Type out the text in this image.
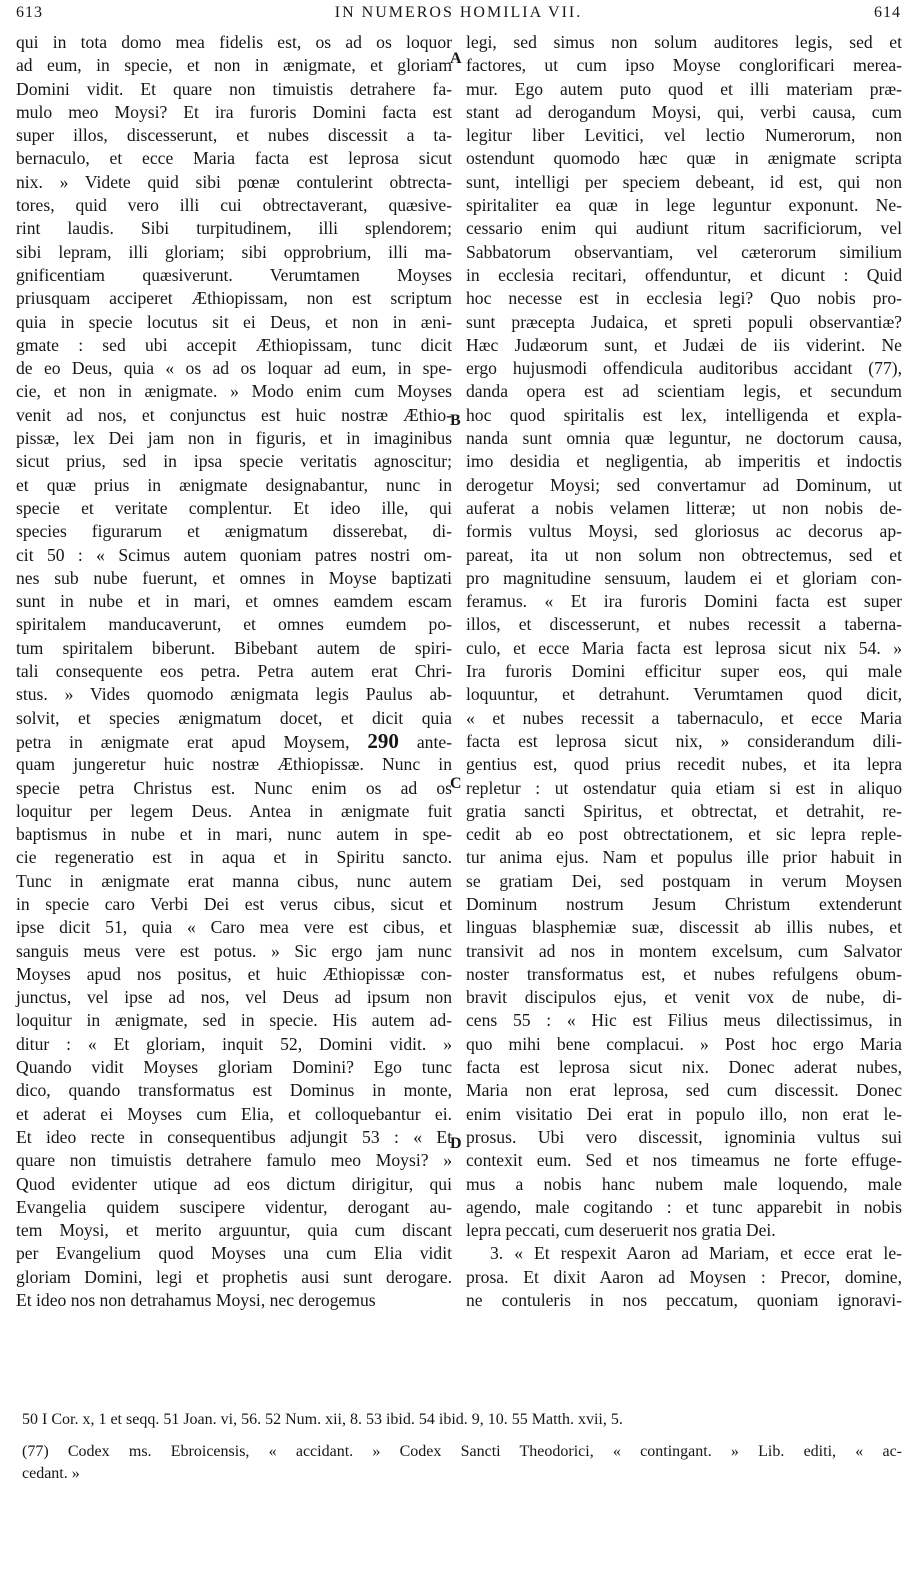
613	IN NUMEROS HOMILIA VII.	614
qui in tota domo mea fidelis est, os ad os loquor
ad eum, in specie, et non in ænigmate, et gloriam
Domini vidit. Et quare non timuistis detrahere fa-
mulo meo Moysi? Et ira furoris Domini facta est
super illos, discesserunt, et nubes discessit a ta-
bernaculo, et ecce Maria facta est leprosa sicut
nix. » Videte quid sibi pœnæ contulerint obtrecta-
tores, quid vero illi cui obtrectaverant, quæsive-
rint laudis. Sibi turpitudinem, illi splendorem;
sibi lepram, illi gloriam; sibi opprobrium, illi ma-
gnificentiam quæsiverunt. Verumtamen Moyses
priusquam acciperet Æthiopissam, non est scriptum
quia in specie locutus sit ei Deus, et non in æni-
gmate : sed ubi accepit Æthiopissam, tunc dicit
de eo Deus, quia « os ad os loquar ad eum, in spe-
cie, et non in ænigmate. » Modo enim cum Moyses
venit ad nos, et conjunctus est huic nostræ Æthio-
pissæ, lex Dei jam non in figuris, et in imaginibus
sicut prius, sed in ipsa specie veritatis agnoscitur;
et quæ prius in ænigmate designabantur, nunc in
specie et veritate complentur. Et ideo ille, qui
species figurarum et ænigmatum disserebat, di-
cit 50 : « Scimus autem quoniam patres nostri om-
nes sub nube fuerunt, et omnes in Moyse baptizati
sunt in nube et in mari, et omnes eamdem escam
spiritalem manducaverunt, et omnes eumdem po-
tum spiritalem biberunt. Bibebant autem de spiri-
tali consequente eos petra. Petra autem erat Chri-
stus. » Vides quomodo ænigmata legis Paulus ab-
solvit, et species ænigmatum docet, et dicit quia
petra in ænigmate erat apud Moysem, 290 ante-
quam jungeretur huic nostræ Æthiopissæ. Nunc in
specie petra Christus est. Nunc enim os ad os
loquitur per legem Deus. Antea in ænigmate fuit
baptismus in nube et in mari, nunc autem in spe-
cie regeneratio est in aqua et in Spiritu sancto.
Tunc in ænigmate erat manna cibus, nunc autem
in specie caro Verbi Dei est verus cibus, sicut et
ipse dicit 51, quia « Caro mea vere est cibus, et
sanguis meus vere est potus. » Sic ergo jam nunc
Moyses apud nos positus, et huic Æthiopissæ con-
junctus, vel ipse ad nos, vel Deus ad ipsum non
loquitur in ænigmate, sed in specie. His autem ad-
ditur : « Et gloriam, inquit 52, Domini vidit. »
Quando vidit Moyses gloriam Domini? Ego tunc
dico, quando transformatus est Dominus in monte,
et aderat ei Moyses cum Elia, et colloquebantur ei.
Et ideo recte in consequentibus adjungit 53 : « Et
quare non timuistis detrahere famulo meo Moysi? »
Quod evidenter utique ad eos dictum dirigitur, qui
Evangelia quidem suscipere videntur, derogant au-
tem Moysi, et merito arguuntur, quia cum discant
per Evangelium quod Moyses una cum Elia vidit
gloriam Domini, legi et prophetis ausi sunt derogare.
Et ideo nos non detrahamus Moysi, nec derogemus
legi, sed simus non solum auditores legis, sed et
factores, ut cum ipso Moyse conglorificari merea-
mur. Ego autem puto quod et illi materiam præ-
stant ad derogandum Moysi, qui, verbi causa, cum
legitur liber Levitici, vel lectio Numerorum, non
ostendunt quomodo hæc quæ in ænigmate scripta
sunt, intelligi per speciem debeant, id est, qui non
spiritaliter ea quæ in lege leguntur exponunt. Ne-
cessario enim qui audiunt ritum sacrificiorum, vel
Sabbatorum observantiam, vel cæterorum similium
in ecclesia recitari, offenduntur, et dicunt : Quid
hoc necesse est in ecclesia legi? Quo nobis pro-
sunt præcepta Judaica, et spreti populi observantiæ?
Hæc Judæorum sunt, et Judæi de iis viderint. Ne
ergo hujusmodi offendicula auditoribus accidant (77),
danda opera est ad scientiam legis, et secundum
hoc quod spiritalis est lex, intelligenda et expla-
nanda sunt omnia quæ leguntur, ne doctorum causa,
imo desidia et negligentia, ab imperitis et indoctis
derogetur Moysi; sed convertamur ad Dominum, ut
auferat a nobis velamen litteræ; ut non nobis de-
formis vultus Moysi, sed gloriosus ac decorus ap-
pareat, ita ut non solum non obtrectemus, sed et
pro magnitudine sensuum, laudem ei et gloriam con-
feramus. « Et ira furoris Domini facta est super
illos, et discesserunt, et nubes recessit a taberna-
culo, et ecce Maria facta est leprosa sicut nix 54. »
Ira furoris Domini efficitur super eos, qui male
loquuntur, et detrahunt. Verumtamen quod dicit,
« et nubes recessit a tabernaculo, et ecce Maria
facta est leprosa sicut nix, » considerandum dili-
gentius est, quod prius recedit nubes, et ita lepra
repletur : ut ostendatur quia etiam si est in aliquo
gratia sancti Spiritus, et obtrectat, et detrahit, re-
cedit ab eo post obtrectationem, et sic lepra reple-
tur anima ejus. Nam et populus ille prior habuit in
se gratiam Dei, sed postquam in verum Moysen
Dominum nostrum Jesum Christum extenderunt
linguas blasphemiæ suæ, discessit ab illis nubes, et
transivit ad nos in montem excelsum, cum Salvator
noster transformatus est, et nubes refulgens obum-
bravit discipulos ejus, et venit vox de nube, di-
cens 55 : « Hic est Filius meus dilectissimus, in
quo mihi bene complacui. » Post hoc ergo Maria
facta est leprosa sicut nix. Donec aderat nubes,
Maria non erat leprosa, sed cum discessit. Donec
enim visitatio Dei erat in populo illo, non erat le-
prosus. Ubi vero discessit, ignominia vultus sui
contexit eum. Sed et nos timeamus ne forte effuge-
mus a nobis hanc nubem male loquendo, male
agendo, male cogitando : et tunc apparebit in nobis
lepra peccati, cum deseruerit nos gratia Dei.
3. « Et respexit Aaron ad Mariam, et ecce erat le-
prosa. Et dixit Aaron ad Moysen : Precor, domine,
ne contuleris in nos peccatum, quoniam ignoravi-
A
B
C
D
50 I Cor. x, 1 et seqq. 51 Joan. vi, 56. 52 Num. xii, 8. 53 ibid. 54 ibid. 9, 10. 55 Matth. xvii, 5.
(77) Codex ms. Ebroicensis, « accidant. » Codex Sancti Theodorici, « contingant. » Lib. editi, « ac-
cedant. »
